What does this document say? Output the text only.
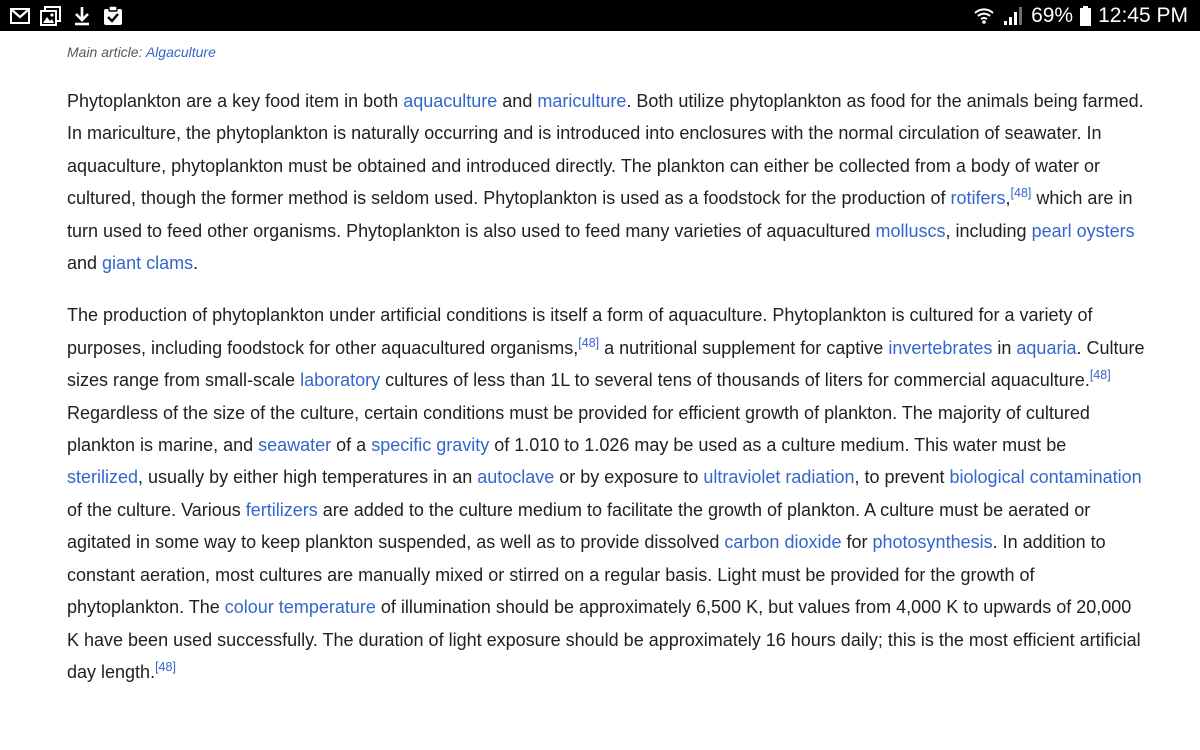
69% 12:45 PM

Main article: Algaculture

Phytoplankton are a key food item in both aquaculture and mariculture. Both utilize phytoplankton as food for the animals being farmed. In mariculture, the phytoplankton is naturally occurring and is introduced into enclosures with the normal circulation of seawater. In aquaculture, phytoplankton must be obtained and introduced directly. The plankton can either be collected from a body of water or cultured, though the former method is seldom used. Phytoplankton is used as a foodstock for the production of rotifers,[48] which are in turn used to feed other organisms. Phytoplankton is also used to feed many varieties of aquacultured molluscs, including pearl oysters and giant clams.

The production of phytoplankton under artificial conditions is itself a form of aquaculture. Phytoplankton is cultured for a variety of purposes, including foodstock for other aquacultured organisms,[48] a nutritional supplement for captive invertebrates in aquaria. Culture sizes range from small-scale laboratory cultures of less than 1L to several tens of thousands of liters for commercial aquaculture.[48] Regardless of the size of the culture, certain conditions must be provided for efficient growth of plankton. The majority of cultured plankton is marine, and seawater of a specific gravity of 1.010 to 1.026 may be used as a culture medium. This water must be sterilized, usually by either high temperatures in an autoclave or by exposure to ultraviolet radiation, to prevent biological contamination of the culture. Various fertilizers are added to the culture medium to facilitate the growth of plankton. A culture must be aerated or agitated in some way to keep plankton suspended, as well as to provide dissolved carbon dioxide for photosynthesis. In addition to constant aeration, most cultures are manually mixed or stirred on a regular basis. Light must be provided for the growth of phytoplankton. The colour temperature of illumination should be approximately 6,500 K, but values from 4,000 K to upwards of 20,000 K have been used successfully. The duration of light exposure should be approximately 16 hours daily; this is the most efficient artificial day length.[48]
